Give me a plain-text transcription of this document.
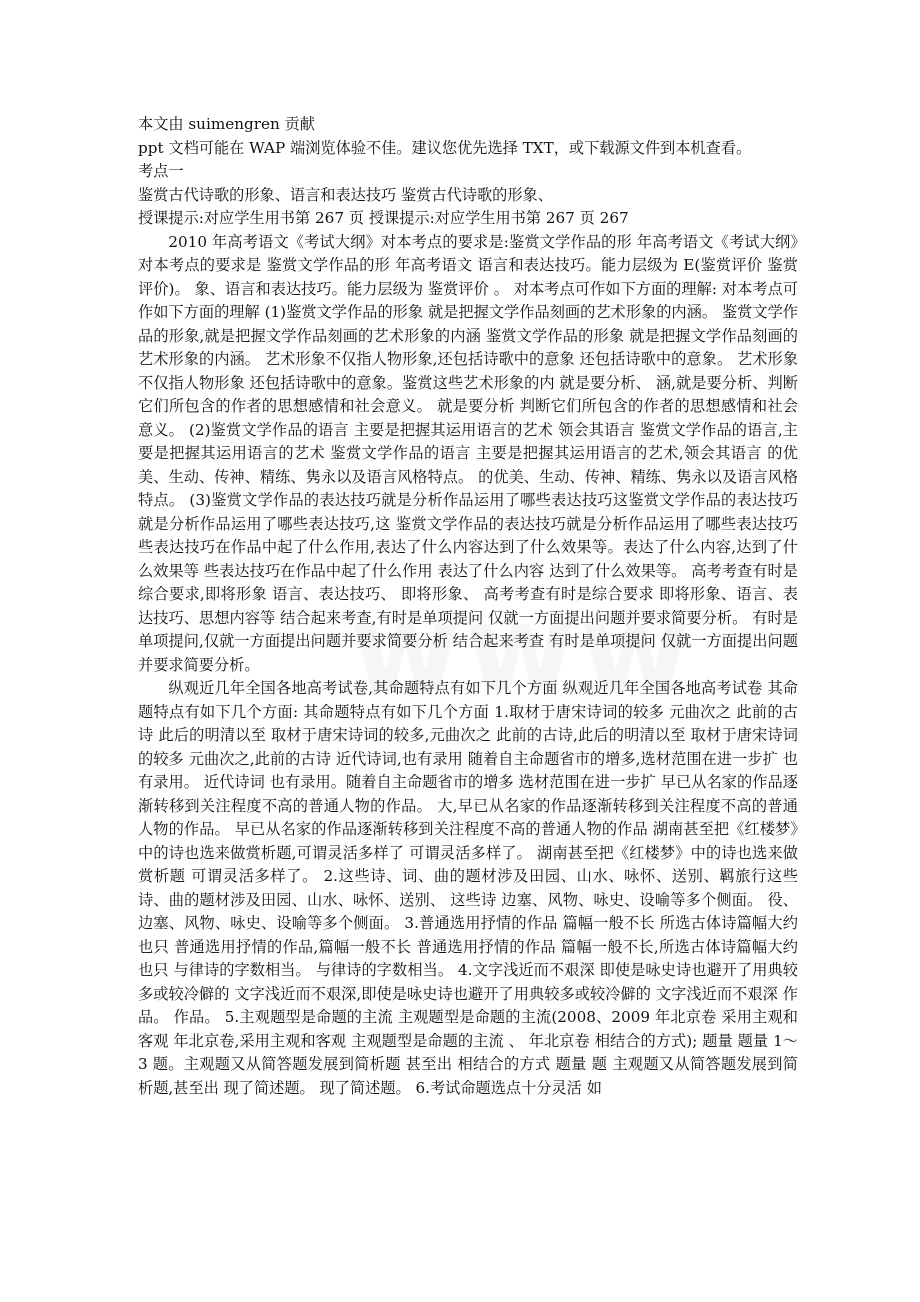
本文由 suimengren 贡献
ppt 文档可能在 WAP 端浏览体验不佳。建议您优先选择 TXT，或下载源文件到本机查看。
考点一
鉴赏古代诗歌的形象、语言和表达技巧 鉴赏古代诗歌的形象、
授课提示:对应学生用书第 267 页 授课提示:对应学生用书第 267 页 267

2010 年高考语文《考试大纲》对本考点的要求是:鉴赏文学作品的形 年高考语文《考试大纲》对本考点的要求是 鉴赏文学作品的形 年高考语文 语言和表达技巧。能力层级为 E(鉴赏评价 鉴赏评价)。 象、语言和表达技巧。能力层级为 鉴赏评价 。 对本考点可作如下方面的理解: 对本考点可作如下方面的理解 (1)鉴赏文学作品的形象 就是把握文学作品刻画的艺术形象的内涵。 鉴赏文学作品的形象,就是把握文学作品刻画的艺术形象的内涵 鉴赏文学作品的形象 就是把握文学作品刻画的艺术形象的内涵。 艺术形象不仅指人物形象,还包括诗歌中的意象 还包括诗歌中的意象。 艺术形象不仅指人物形象 还包括诗歌中的意象。鉴赏这些艺术形象的内 就是要分析、 涵,就是要分析、判断它们所包含的作者的思想感情和社会意义。 就是要分析 判断它们所包含的作者的思想感情和社会意义。 (2)鉴赏文学作品的语言 主要是把握其运用语言的艺术 领会其语言 鉴赏文学作品的语言,主要是把握其运用语言的艺术 鉴赏文学作品的语言 主要是把握其运用语言的艺术,领会其语言 的优美、生动、传神、精练、隽永以及语言风格特点。 的优美、生动、传神、精练、隽永以及语言风格特点。 (3)鉴赏文学作品的表达技巧就是分析作品运用了哪些表达技巧这鉴赏文学作品的表达技巧就是分析作品运用了哪些表达技巧,这 鉴赏文学作品的表达技巧就是分析作品运用了哪些表达技巧 些表达技巧在作品中起了什么作用,表达了什么内容达到了什么效果等。表达了什么内容,达到了什么效果等 些表达技巧在作品中起了什么作用 表达了什么内容 达到了什么效果等。 高考考查有时是综合要求,即将形象 语言、表达技巧、 即将形象、 高考考查有时是综合要求 即将形象、语言、表达技巧、思想内容等 结合起来考查,有时是单项提问 仅就一方面提出问题并要求简要分析。 有时是单项提问,仅就一方面提出问题并要求简要分析 结合起来考查 有时是单项提问 仅就一方面提出问题并要求简要分析。

纵观近几年全国各地高考试卷,其命题特点有如下几个方面 纵观近几年全国各地高考试卷 其命题特点有如下几个方面: 其命题特点有如下几个方面 1.取材于唐宋诗词的较多 元曲次之 此前的古诗 此后的明清以至 取材于唐宋诗词的较多,元曲次之 此前的古诗,此后的明清以至 取材于唐宋诗词的较多 元曲次之,此前的古诗 近代诗词,也有录用 随着自主命题省市的增多,选材范围在进一步扩 也有录用。 近代诗词 也有录用。随着自主命题省市的增多 选材范围在进一步扩 早已从名家的作品逐渐转移到关注程度不高的普通人物的作品。 大,早已从名家的作品逐渐转移到关注程度不高的普通人物的作品。 早已从名家的作品逐渐转移到关注程度不高的普通人物的作品 湖南甚至把《红楼梦》中的诗也选来做赏析题,可谓灵活多样了 可谓灵活多样了。 湖南甚至把《红楼梦》中的诗也选来做赏析题 可谓灵活多样了。 2.这些诗、词、曲的题材涉及田园、山水、咏怀、送别、羁旅行这些诗、曲的题材涉及田园、山水、咏怀、送别、 这些诗 边塞、风物、咏史、设喻等多个侧面。 役、边塞、风物、咏史、设喻等多个侧面。 3.普通选用抒情的作品 篇幅一般不长 所选古体诗篇幅大约也只 普通选用抒情的作品,篇幅一般不长 普通选用抒情的作品 篇幅一般不长,所选古体诗篇幅大约也只 与律诗的字数相当。 与律诗的字数相当。 4.文字浅近而不艰深 即使是咏史诗也避开了用典较多或较冷僻的 文字浅近而不艰深,即使是咏史诗也避开了用典较多或较冷僻的 文字浅近而不艰深 作品。 作品。 5.主观题型是命题的主流 主观题型是命题的主流(2008、2009 年北京卷 采用主观和客观 年北京卷,采用主观和客观 主观题型是命题的主流 、 年北京卷 相结合的方式); 题量 题量 1～3 题。主观题又从简答题发展到简析题 甚至出 相结合的方式 题量 题 主观题又从简答题发展到简析题,甚至出 现了简述题。 现了简述题。 6.考试命题选点十分灵活 如
